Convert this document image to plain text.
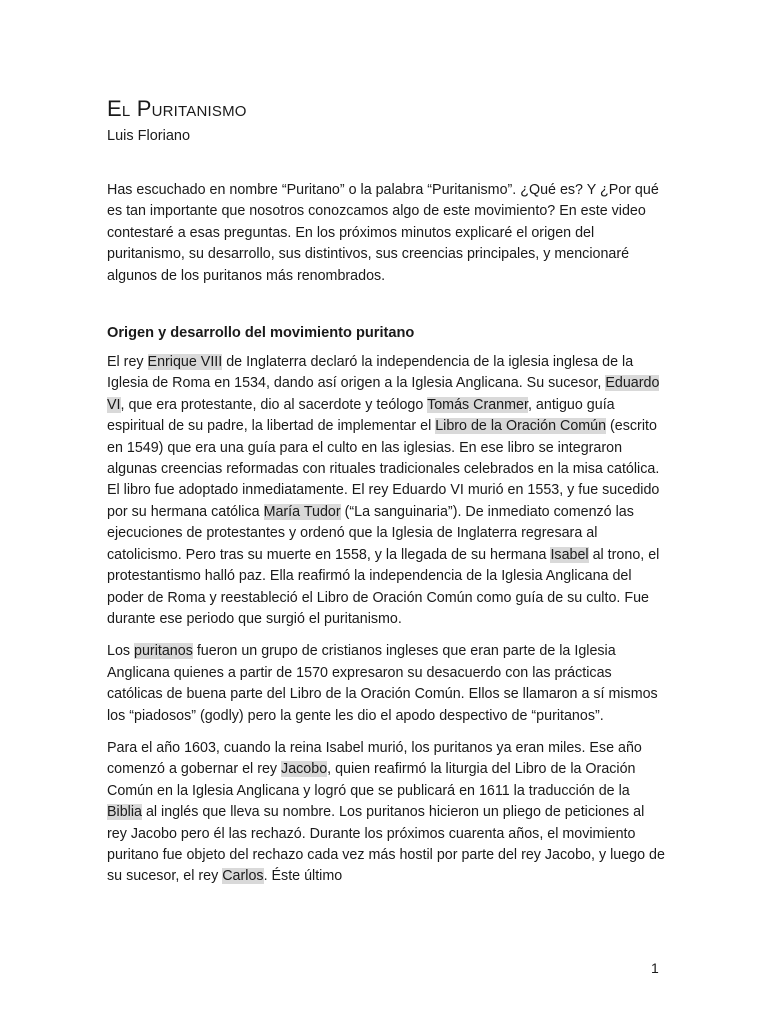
El Puritanismo

Luis Floriano

Has escuchado en nombre “Puritano” o la palabra “Puritanismo”. ¿Qué es? Y ¿Por qué es tan importante que nosotros conozcamos algo de este movimiento? En este video contestaré a esas preguntas. En los próximos minutos explicaré el origen del puritanismo, su desarrollo, sus distintivos, sus creencias principales, y mencionaré algunos de los puritanos más renombrados.

Origen y desarrollo del movimiento puritano

El rey Enrique VIII de Inglaterra declaró la independencia de la iglesia inglesa de la Iglesia de Roma en 1534, dando así origen a la Iglesia Anglicana. Su sucesor, Eduardo VI, que era protestante, dio al sacerdote y teólogo Tomás Cranmer, antiguo guía espiritual de su padre, la libertad de implementar el Libro de la Oración Común (escrito en 1549) que era una guía para el culto en las iglesias. En ese libro se integraron algunas creencias reformadas con rituales tradicionales celebrados en la misa católica. El libro fue adoptado inmediatamente. El rey Eduardo VI murió en 1553, y fue sucedido por su hermana católica María Tudor (“La sanguinaria”). De inmediato comenzó las ejecuciones de protestantes y ordenó que la Iglesia de Inglaterra regresara al catolicismo. Pero tras su muerte en 1558, y la llegada de su hermana Isabel al trono, el protestantismo halló paz. Ella reafirmó la independencia de la Iglesia Anglicana del poder de Roma y reestableció el Libro de Oración Común como guía de su culto. Fue durante ese periodo que surgió el puritanismo.

Los puritanos fueron un grupo de cristianos ingleses que eran parte de la Iglesia Anglicana quienes a partir de 1570 expresaron su desacuerdo con las prácticas católicas de buena parte del Libro de la Oración Común. Ellos se llamaron a sí mismos los “piadosos” (godly) pero la gente les dio el apodo despectivo de “puritanos”.

Para el año 1603, cuando la reina Isabel murió, los puritanos ya eran miles. Ese año comenzó a gobernar el rey Jacobo, quien reafirmó la liturgia del Libro de la Oración Común en la Iglesia Anglicana y logró que se publicará en 1611 la traducción de la Biblia al inglés que lleva su nombre. Los puritanos hicieron un pliego de peticiones al rey Jacobo pero él las rechazó. Durante los próximos cuarenta años, el movimiento puritano fue objeto del rechazo cada vez más hostil por parte del rey Jacobo, y luego de su sucesor, el rey Carlos. Éste último

1
